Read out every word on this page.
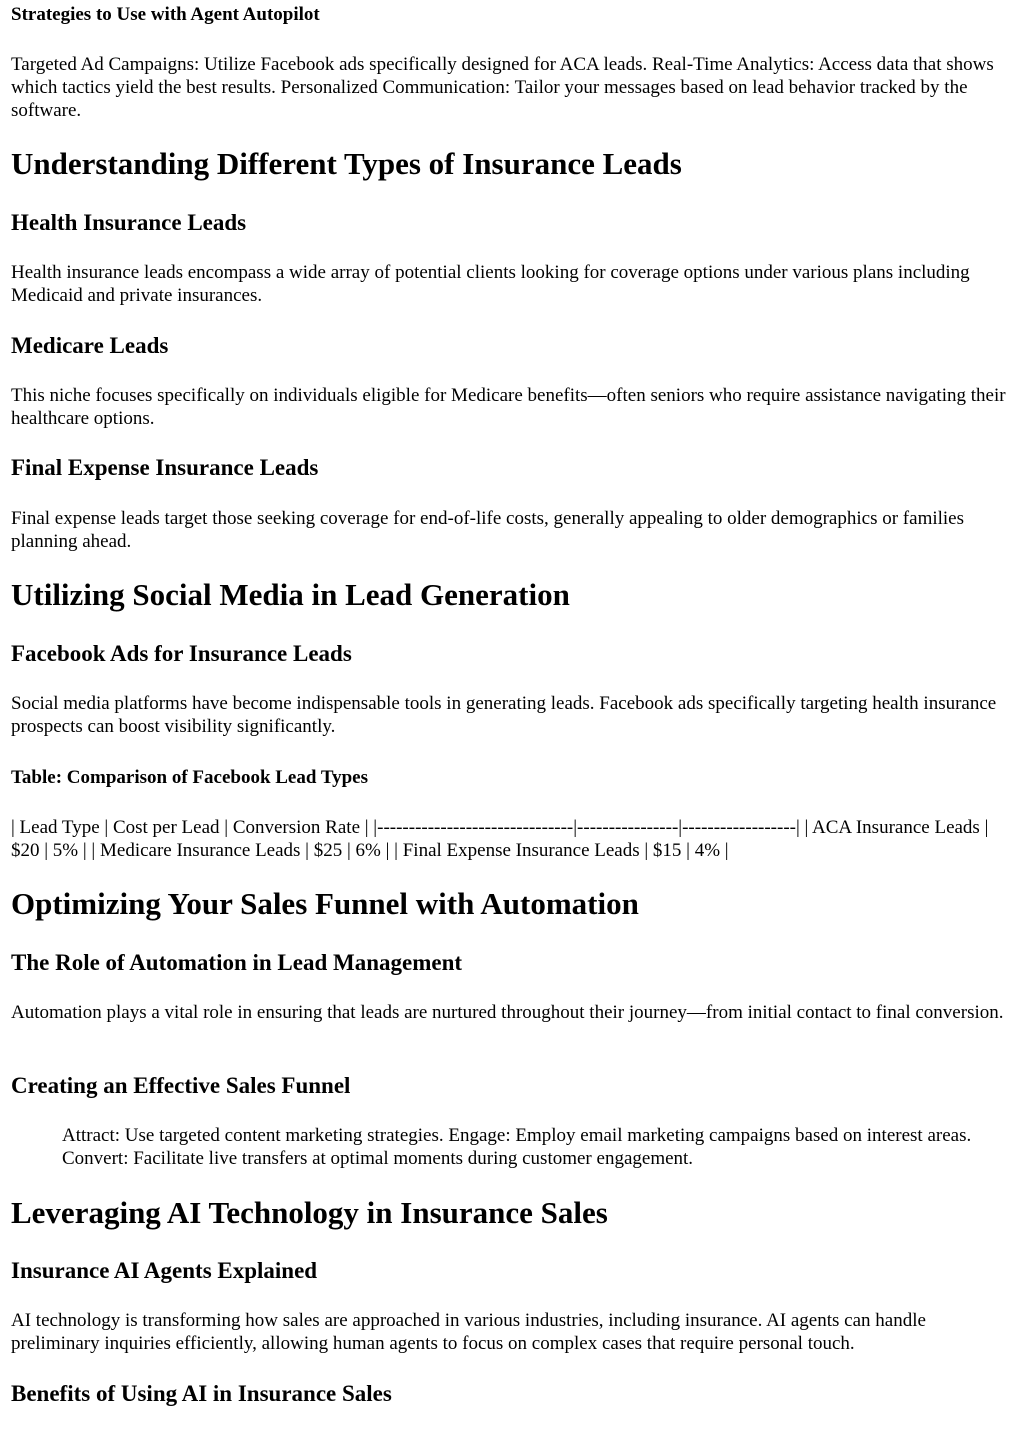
Strategies to Use with Agent Autopilot

Targeted Ad Campaigns: Utilize Facebook ads specifically designed for ACA leads. Real-Time Analytics: Access data that shows which tactics yield the best results. Personalized Communication: Tailor your messages based on lead behavior tracked by the software.

Understanding Different Types of Insurance Leads
Health Insurance Leads

Health insurance leads encompass a wide array of potential clients looking for coverage options under various plans including Medicaid and private insurances.

Medicare Leads

This niche focuses specifically on individuals eligible for Medicare benefits—often seniors who require assistance navigating their healthcare options.

Final Expense Insurance Leads

Final expense leads target those seeking coverage for end-of-life costs, generally appealing to older demographics or families planning ahead.

Utilizing Social Media in Lead Generation
Facebook Ads for Insurance Leads

Social media platforms have become indispensable tools in generating leads. Facebook ads specifically targeting health insurance prospects can boost visibility significantly.

Table: Comparison of Facebook Lead Types

| Lead Type | Cost per Lead | Conversion Rate | |-------------------------------|----------------|------------------| | ACA Insurance Leads | $20 | 5% | | Medicare Insurance Leads | $25 | 6% | | Final Expense Insurance Leads | $15 | 4% |

Optimizing Your Sales Funnel with Automation
The Role of Automation in Lead Management

Automation plays a vital role in ensuring that leads are nurtured throughout their journey—from initial contact to final conversion.

Creating an Effective Sales Funnel
Attract: Use targeted content marketing strategies. Engage: Employ email marketing campaigns based on interest areas. Convert: Facilitate live transfers at optimal moments during customer engagement.
Leveraging AI Technology in Insurance Sales
Insurance AI Agents Explained

AI technology is transforming how sales are approached in various industries, including insurance. AI agents can handle preliminary inquiries efficiently, allowing human agents to focus on complex cases that require personal touch.

Benefits of Using AI in Insurance Sales
